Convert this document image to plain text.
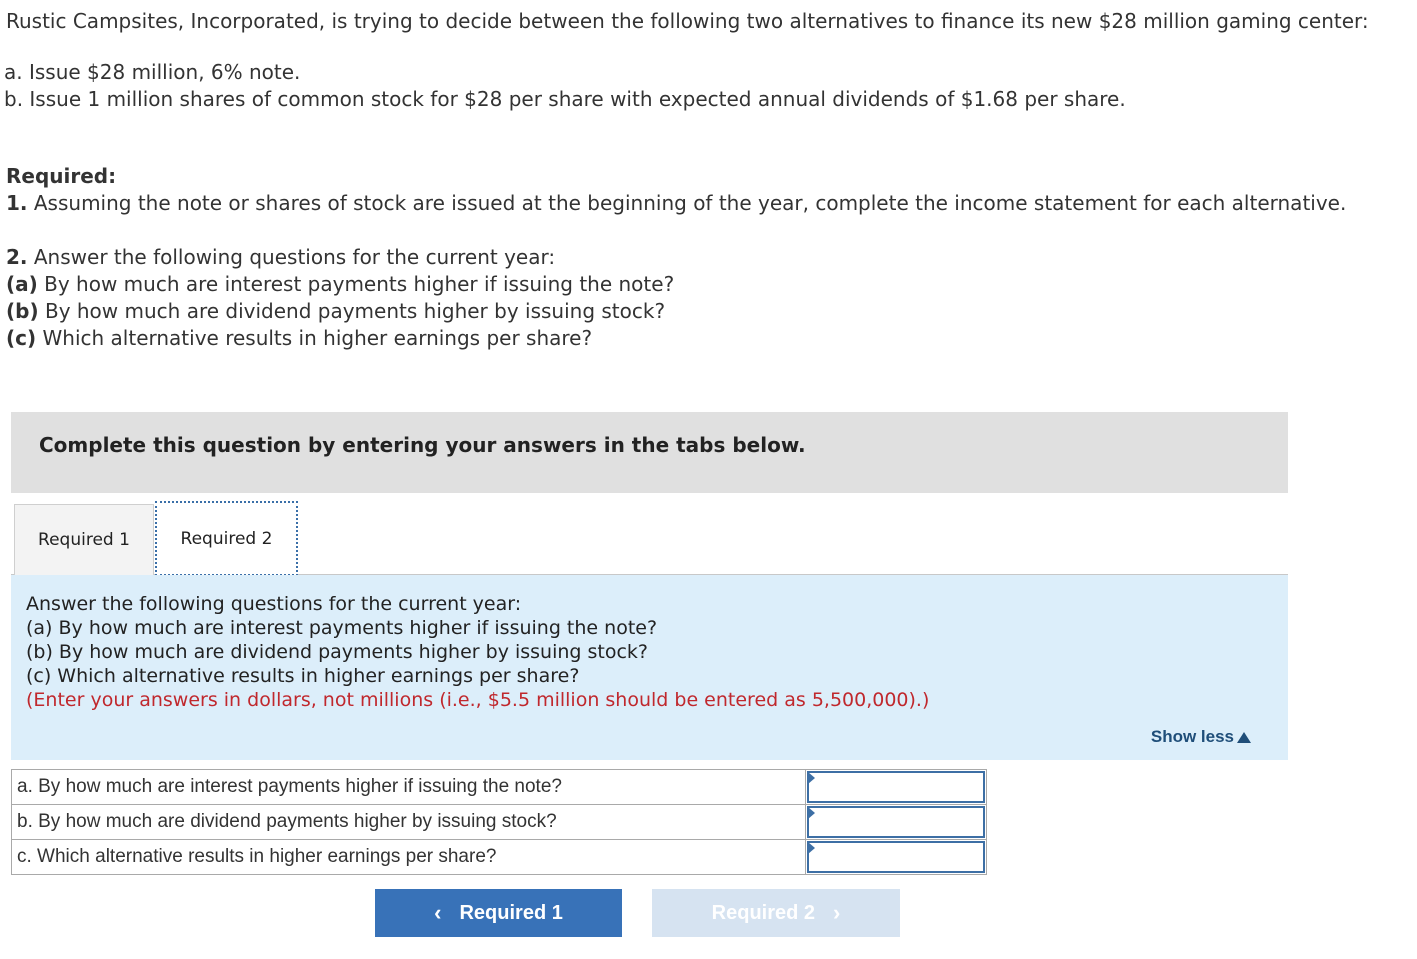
Rustic Campsites, Incorporated, is trying to decide between the following two alternatives to finance its new $28 million gaming center:

a. Issue $28 million, 6% note.

b. Issue 1 million shares of common stock for $28 per share with expected annual dividends of $1.68 per share.

Required:

1. Assuming the note or shares of stock are issued at the beginning of the year, complete the income statement for each alternative.

2. Answer the following questions for the current year:

(a) By how much are interest payments higher if issuing the note?

(b) By how much are dividend payments higher by issuing stock?

(c) Which alternative results in higher earnings per share?

Complete this question by entering your answers in the tabs below.
Required 1	Required 2
Answer the following questions for the current year:
(a) By how much are interest payments higher if issuing the note?
(b) By how much are dividend payments higher by issuing stock?
(c) Which alternative results in higher earnings per share?
(Enter your answers in dollars, not millions (i.e., $5.5 million should be entered as 5,500,000).)
Show less
a. By how much are interest payments higher if issuing the note?	

b. By how much are dividend payments higher by issuing stock?	

c. Which alternative results in higher earnings per share?	
‹ Required 1	Required 2 ›
